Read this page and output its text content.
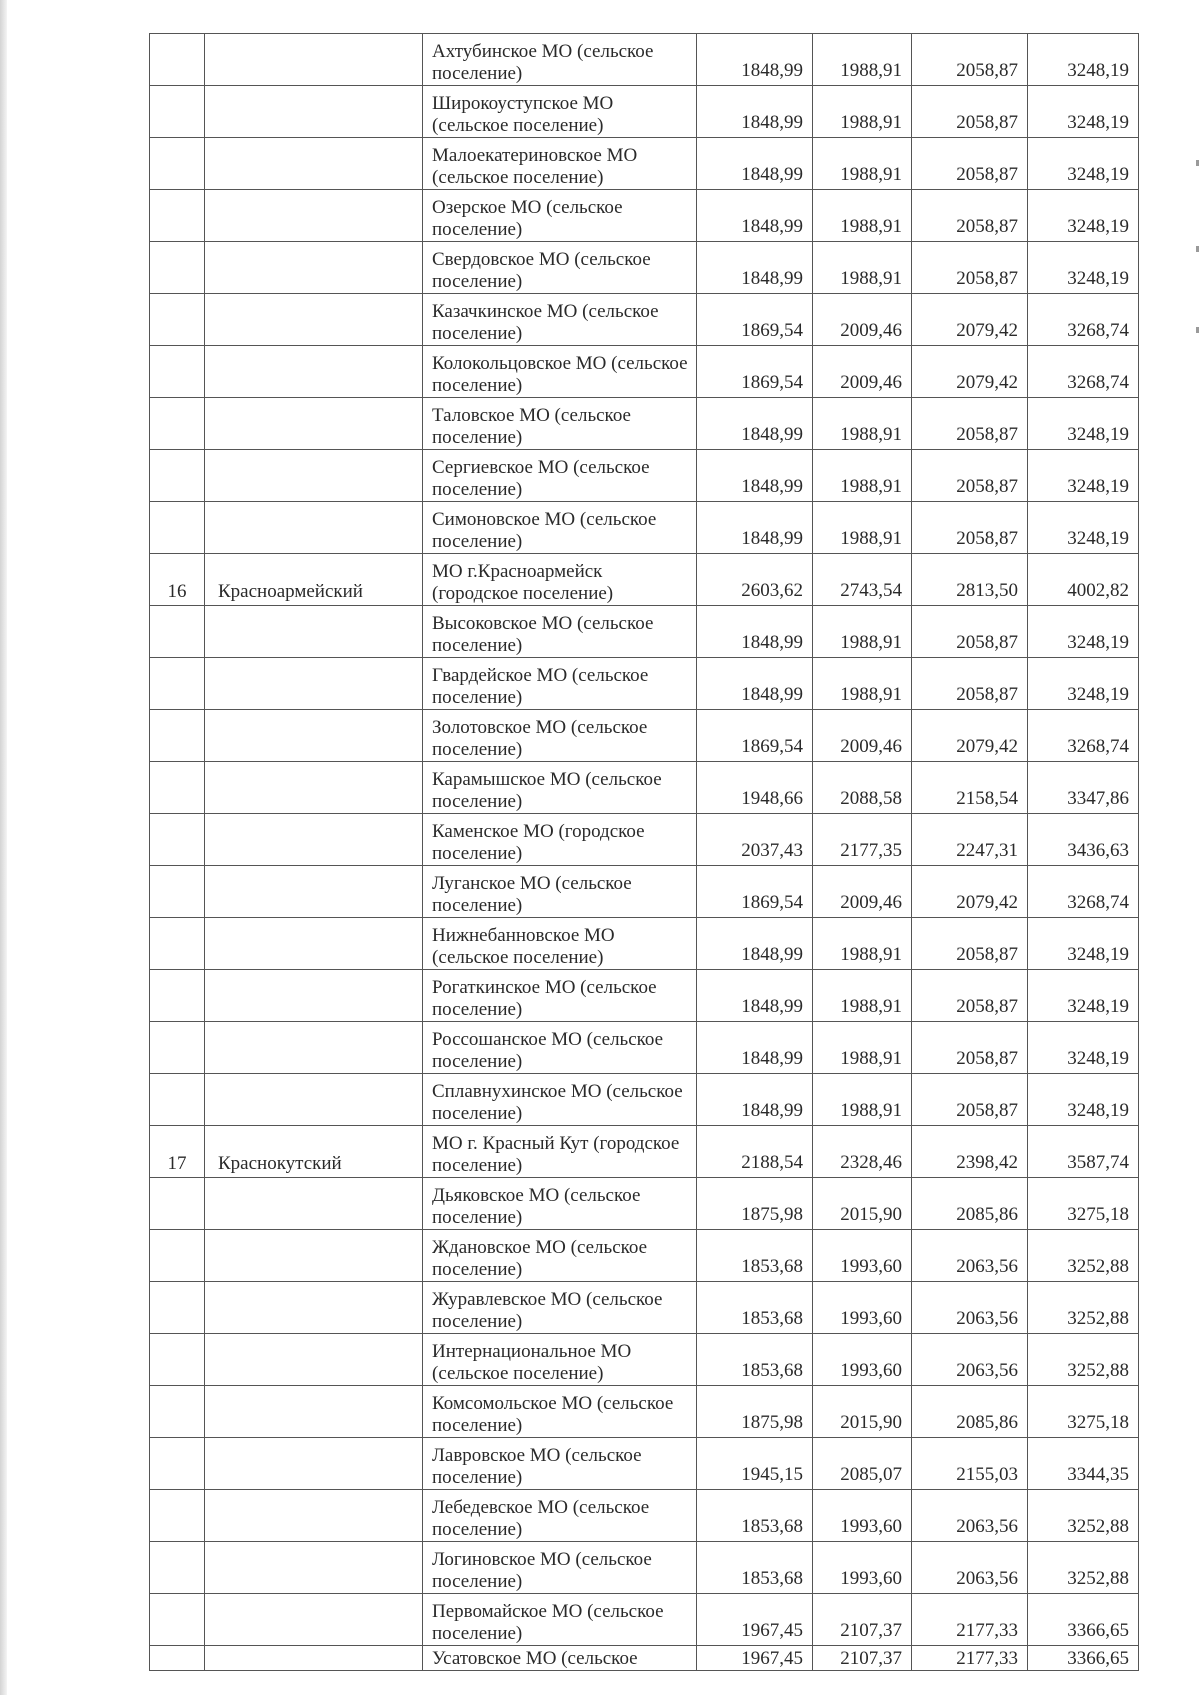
		Ахтубинское МО (сельское поселение)	1848,99	1988,91	2058,87	3248,19

		Широкоуступское МО (сельское поселение)	1848,99	1988,91	2058,87	3248,19

		Малоекатериновское МО (сельское поселение)	1848,99	1988,91	2058,87	3248,19

		Озерское МО (сельское поселение)	1848,99	1988,91	2058,87	3248,19

		Свердовское МО (сельское поселение)	1848,99	1988,91	2058,87	3248,19

		Казачкинское МО (сельское поселение)	1869,54	2009,46	2079,42	3268,74

		Колокольцовское МО (сельское поселение)	1869,54	2009,46	2079,42	3268,74

		Таловское МО (сельское поселение)	1848,99	1988,91	2058,87	3248,19

		Сергиевское МО (сельское поселение)	1848,99	1988,91	2058,87	3248,19

		Симоновское МО (сельское поселение)	1848,99	1988,91	2058,87	3248,19
16	Красноармейский	МО г.Красноармейск (городское поселение)	2603,62	2743,54	2813,50	4002,82

		Высоковское МО (сельское поселение)	1848,99	1988,91	2058,87	3248,19

		Гвардейское МО (сельское поселение)	1848,99	1988,91	2058,87	3248,19

		Золотовское МО (сельское поселение)	1869,54	2009,46	2079,42	3268,74

		Карамышское МО (сельское поселение)	1948,66	2088,58	2158,54	3347,86

		Каменское МО (городское поселение)	2037,43	2177,35	2247,31	3436,63

		Луганское МО (сельское поселение)	1869,54	2009,46	2079,42	3268,74

		Нижнебанновское МО (сельское поселение)	1848,99	1988,91	2058,87	3248,19

		Рогаткинское МО (сельское поселение)	1848,99	1988,91	2058,87	3248,19

		Россошанское МО (сельское поселение)	1848,99	1988,91	2058,87	3248,19

		Сплавнухинское МО (сельское поселение)	1848,99	1988,91	2058,87	3248,19
17	Краснокутский	МО г. Красный Кут (городское поселение)	2188,54	2328,46	2398,42	3587,74

		Дьяковское МО (сельское поселение)	1875,98	2015,90	2085,86	3275,18

		Ждановское МО (сельское поселение)	1853,68	1993,60	2063,56	3252,88

		Журавлевское МО (сельское поселение)	1853,68	1993,60	2063,56	3252,88

		Интернациональное МО (сельское поселение)	1853,68	1993,60	2063,56	3252,88

		Комсомольское МО (сельское поселение)	1875,98	2015,90	2085,86	3275,18

		Лавровское МО (сельское поселение)	1945,15	2085,07	2155,03	3344,35

		Лебедевское МО (сельское поселение)	1853,68	1993,60	2063,56	3252,88

		Логиновское МО (сельское поселение)	1853,68	1993,60	2063,56	3252,88

		Первомайское МО (сельское поселение)	1967,45	2107,37	2177,33	3366,65

		Усатовское МО (сельское	1967,45	2107,37	2177,33	3366,65
